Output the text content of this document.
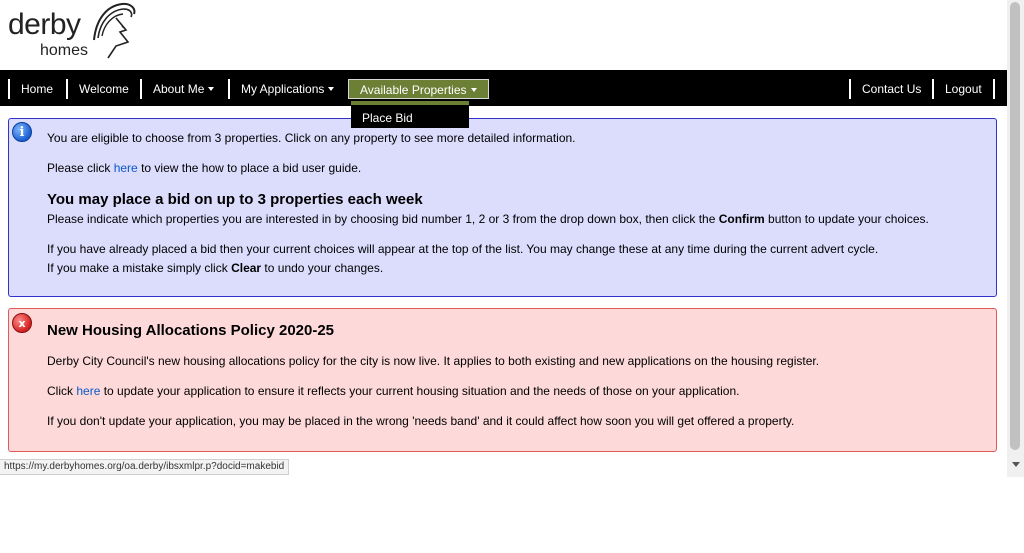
derby
homes
Home	Welcome	About Me	My Applications	Available Properties	Contact Us	Logout
i	You are eligible to choose from 3 properties. Click on any property to see more detailed information.

Please click here to view the how to place a bid user guide.

You may place a bid on up to 3 properties each week

Please indicate which properties you are interested in by choosing bid number 1, 2 or 3 from the drop down box, then click the Confirm button to update your choices.

If you have already placed a bid then your current choices will appear at the top of the list. You may change these at any time during the current advert cycle.

If you make a mistake simply click Clear to undo your changes.

x	New Housing Allocations Policy 2020-25

Derby City Council's new housing allocations policy for the city is now live. It applies to both existing and new applications on the housing register.

Click here to update your application to ensure it reflects your current housing situation and the needs of those on your application.

If you don't update your application, you may be placed in the wrong 'needs band' and it could affect how soon you will get offered a property.

https://my.derbyhomes.org/oa.derby/ibsxmlpr.p?docid=makebid
Place Bid
